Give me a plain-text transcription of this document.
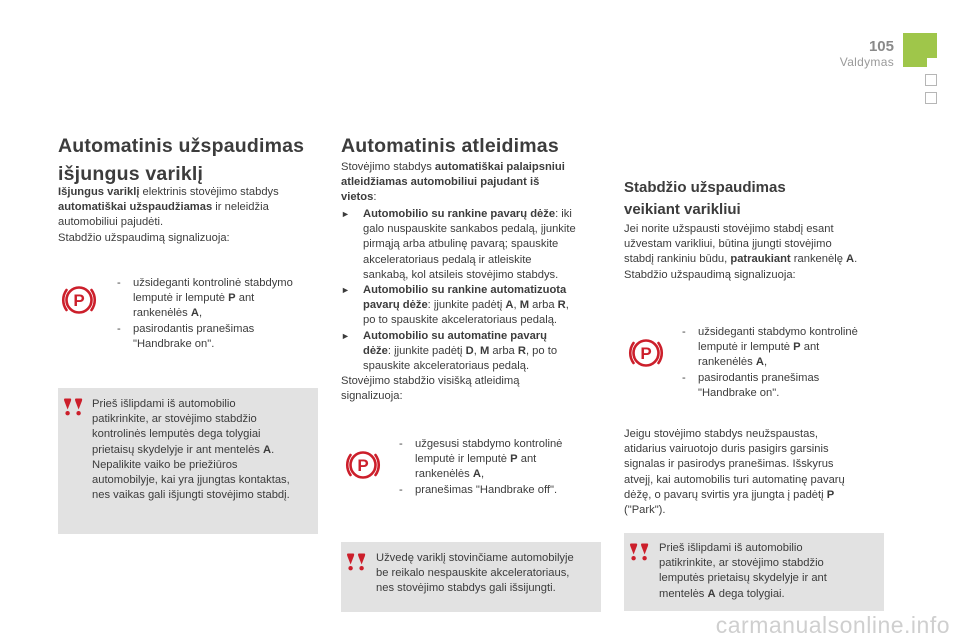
105
Valdymas
Automatinis užspaudimas
išjungus variklį
Išjungus variklį elektrinis stovėjimo stabdys
automatiškai užspaudžiamas ir neleidžia
automobiliui pajudėti.
Stabdžio užspaudimą signalizuoja:
- užsideganti kontrolinė stabdymo
lemputė ir lemputė P ant
rankenėlės A,
- pasirodantis pranešimas
"Handbrake on".
Prieš išlipdami iš automobilio
patikrinkite, ar stovėjimo stabdžio
kontrolinės lemputės dega tolygiai
prietaisų skydelyje ir ant mentelės A.
Nepalikite vaiko be priežiūros
automobilyje, kai yra įjungtas kontaktas,
nes vaikas gali išjungti stovėjimo stabdį.
Automatinis atleidimas
Stovėjimo stabdys automatiškai palaipsniui
atleidžiamas automobiliui pajudant iš
vietos:
► Automobilio su rankine pavarų dėže: iki
galo nuspauskite sankabos pedalą, įjunkite
pirmąją arba atbulinę pavarą; spauskite
akceleratoriaus pedalą ir atleiskite
sankabą, kol atsileis stovėjimo stabdys.
► Automobilio su rankine automatizuota
pavarų dėže: įjunkite padėtį A, M arba R,
po to spauskite akceleratoriaus pedalą.
► Automobilio su automatine pavarų
dėže: įjunkite padėtį D, M arba R, po to
spauskite akceleratoriaus pedalą.
Stovėjimo stabdžio visišką atleidimą
signalizuoja:
- užgesusi stabdymo kontrolinė
lemputė ir lemputė P ant
rankenėlės A,
- pranešimas "Handbrake off".
Užvedę variklį stovinčiame automobilyje
be reikalo nespauskite akceleratoriaus,
nes stovėjimo stabdys gali išsijungti.
Stabdžio užspaudimas
veikiant varikliui
Jei norite užspausti stovėjimo stabdį esant
užvestam varikliui, būtina įjungti stovėjimo
stabdį rankiniu būdu, patraukiant rankenėlę A.
Stabdžio užspaudimą signalizuoja:
- užsideganti stabdymo kontrolinė
lemputė ir lemputė P ant
rankenėlės A,
- pasirodantis pranešimas
"Handbrake on".
Jeigu stovėjimo stabdys neužspaustas,
atidarius vairuotojo duris pasigirs garsinis
signalas ir pasirodys pranešimas. Išskyrus
atvejį, kai automobilis turi automatinę pavarų
dėžę, o pavarų svirtis yra įjungta į padėtį P
("Park").
Prieš išlipdami iš automobilio
patikrinkite, ar stovėjimo stabdžio
lemputės prietaisų skydelyje ir ant
mentelės A dega tolygiai.
carmanualsonline.info
